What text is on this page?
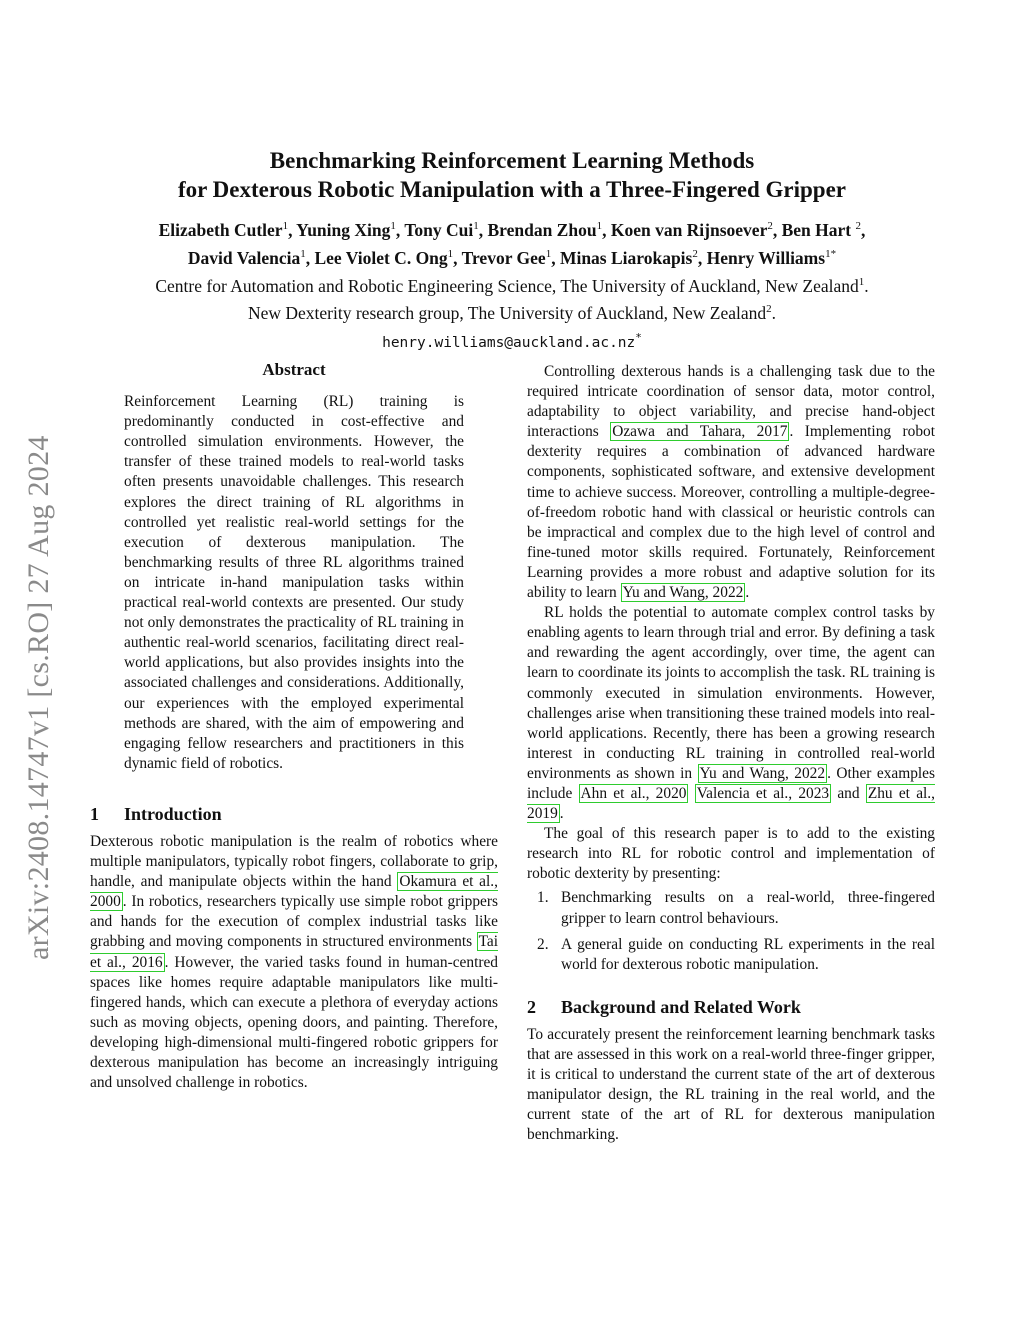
arXiv:2408.14747v1 [cs.RO] 27 Aug 2024
Benchmarking Reinforcement Learning Methods
for Dexterous Robotic Manipulation with a Three-Fingered Gripper
Elizabeth Cutler$^1$, Yuning Xing$^1$, Tony Cui$^1$, Brendan Zhou$^1$, Koen van Rijnsoever$^2$, Ben Hart $^2$,
David Valencia$^1$, Lee Violet C. Ong$^1$, Trevor Gee$^1$, Minas Liarokapis$^2$, Henry Williams$^{1*}$
Centre for Automation and Robotic Engineering Science, The University of Auckland, New Zealand$^1$.
New Dexterity research group, The University of Auckland, New Zealand$^2$.
henry.williams@auckland.ac.nz*
Abstract

Reinforcement Learning (RL) training is predominantly conducted in cost-effective and controlled simulation environments. However, the transfer of these trained models to real-world tasks often presents unavoidable challenges. This research explores the direct training of RL algorithms in controlled yet realistic real-world settings for the execution of dexterous manipulation. The benchmarking results of three RL algorithms trained on intricate in-hand manipulation tasks within practical real-world contexts are presented. Our study not only demonstrates the practicality of RL training in authentic real-world scenarios, facilitating direct real-world applications, but also provides insights into the associated challenges and considerations. Additionally, our experiences with the employed experimental methods are shared, with the aim of empowering and engaging fellow researchers and practitioners in this dynamic field of robotics.

1 Introduction

Dexterous robotic manipulation is the realm of robotics where multiple manipulators, typically robot fingers, collaborate to grip, handle, and manipulate objects within the hand Okamura et al., 2000 . In robotics, researchers typically use simple robot grippers and hands for the execution of complex industrial tasks like grabbing and moving components in structured environments Tai et al., 2016 . However, the varied tasks found in human-centred spaces like homes require adaptable manipulators like multi-fingered hands, which can execute a plethora of everyday actions such as moving objects, opening doors, and painting. Therefore, developing high-dimensional multi-fingered robotic grippers for dexterous manipulation has become an increasingly intriguing and unsolved challenge in robotics.

Controlling dexterous hands is a challenging task due to the required intricate coordination of sensor data, motor control, adaptability to object variability, and precise hand-object interactions Ozawa and Tahara, 2017 . Implementing robot dexterity requires a combination of advanced hardware components, sophisticated software, and extensive development time to achieve success. Moreover, controlling a multiple-degree-of-freedom robotic hand with classical or heuristic controls can be impractical and complex due to the high level of control and fine-tuned motor skills required. Fortunately, Reinforcement Learning provides a more robust and adaptive solution for its ability to learn Yu and Wang, 2022 .

RL holds the potential to automate complex control tasks by enabling agents to learn through trial and error. By defining a task and rewarding the agent accordingly, over time, the agent can learn to coordinate its joints to accomplish the task. RL training is commonly executed in simulation environments. However, challenges arise when transitioning these trained models into real-world applications. Recently, there has been a growing research interest in conducting RL training in controlled real-world environments as shown in Yu and Wang, 2022 . Other examples include Ahn et al., 2020 Valencia et al., 2023 and Zhu et al., 2019 .

The goal of this research paper is to add to the existing research into RL for robotic control and implementation of robotic dexterity by presenting:

1. Benchmarking results on a real-world, three-fingered gripper to learn control behaviours.
2. A general guide on conducting RL experiments in the real world for dexterous robotic manipulation.
2 Background and Related Work

To accurately present the reinforcement learning benchmark tasks that are assessed in this work on a real-world three-finger gripper, it is critical to understand the current state of the art of dexterous manipulator design, the RL training in the real world, and the current state of the art of RL for dexterous manipulation benchmarking.
